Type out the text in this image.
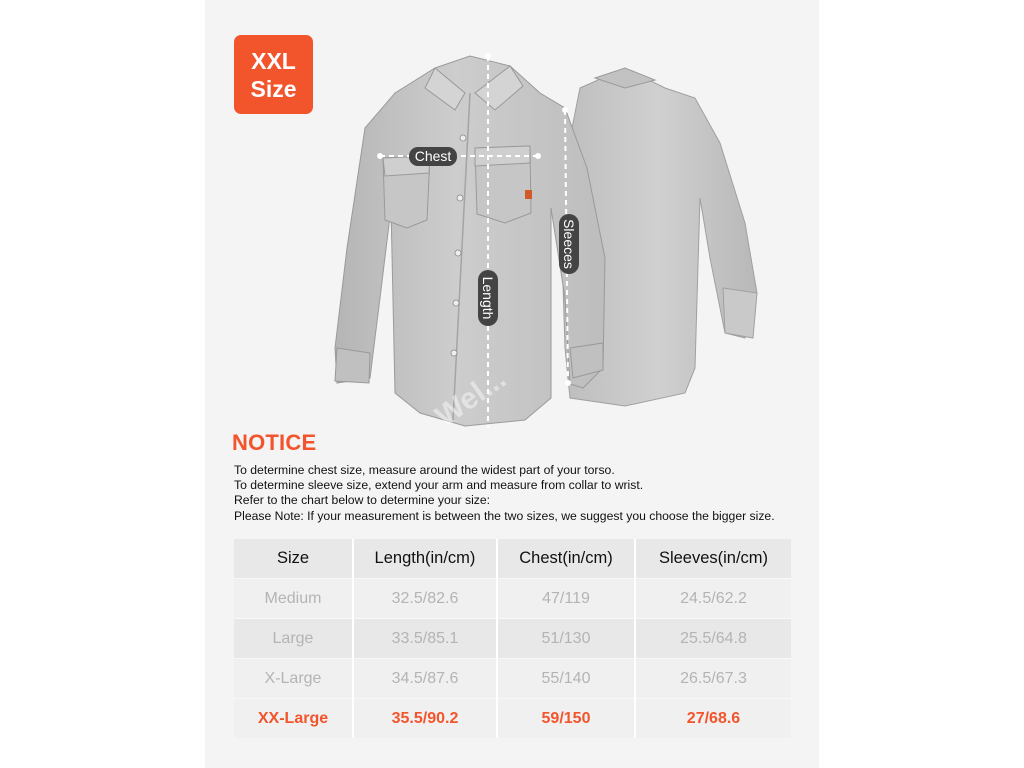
XXL
Size
Chest
Length
Sleeces
Wel...
NOTICE
To determine chest size, measure around the widest part of your torso.
To determine sleeve size, extend your arm and measure from collar to wrist.
Refer to the chart below to determine your size:
Please Note: If your measurement is between the two sizes, we suggest you choose the bigger size.
Size	Length(in/cm)	Chest(in/cm)	Sleeves(in/cm)
Medium	32.5/82.6	47/119	24.5/62.2
Large	33.5/85.1	51/130	25.5/64.8
X-Large	34.5/87.6	55/140	26.5/67.3
XX-Large	35.5/90.2	59/150	27/68.6
